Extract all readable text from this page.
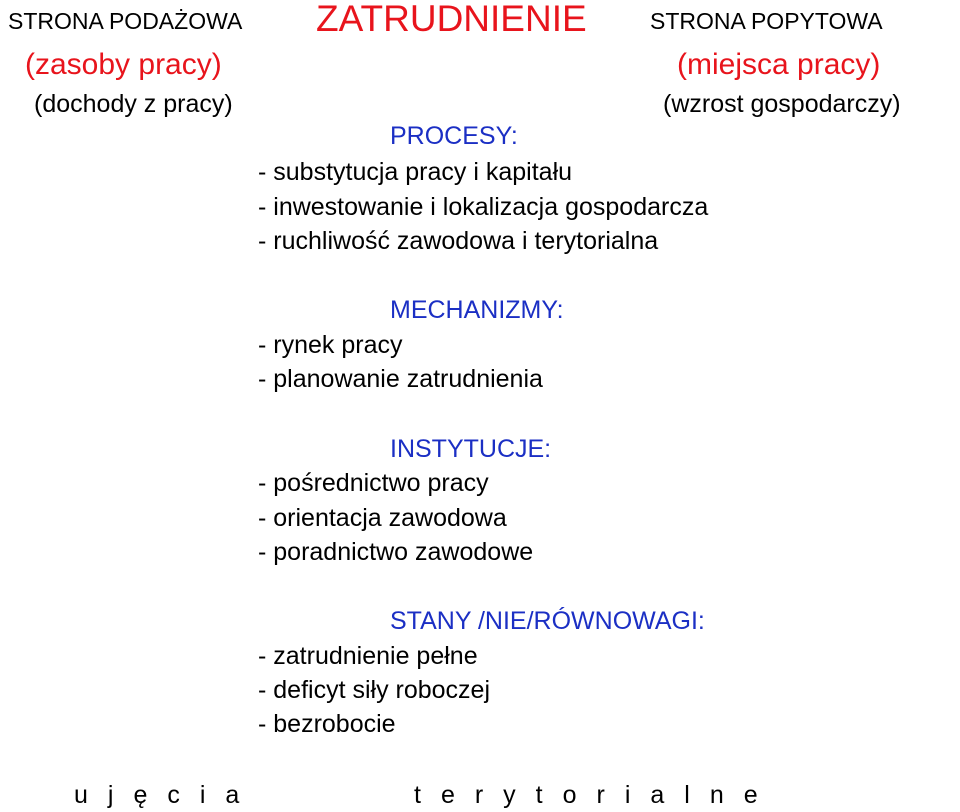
STRONA PODAŻOWA ZATRUDNIENIE	STRONA POPYTOWA
(zasoby pracy)	(miejsca pracy)
(dochody z pracy)	(wzrost gospodarczy)
PROCESY:
- substytucja pracy i kapitału
- inwestowanie i lokalizacja gospodarcza
- ruchliwość zawodowa i terytorialna
MECHANIZMY:
- rynek pracy
- planowanie zatrudnienia
INSTYTUCJE:
- pośrednictwo pracy
- orientacja zawodowa
- poradnictwo zawodowe
STANY /NIE/RÓWNOWAGI:
- zatrudnienie pełne
- deficyt siły roboczej
- bezrobocie
ujęcia	terytorialne
